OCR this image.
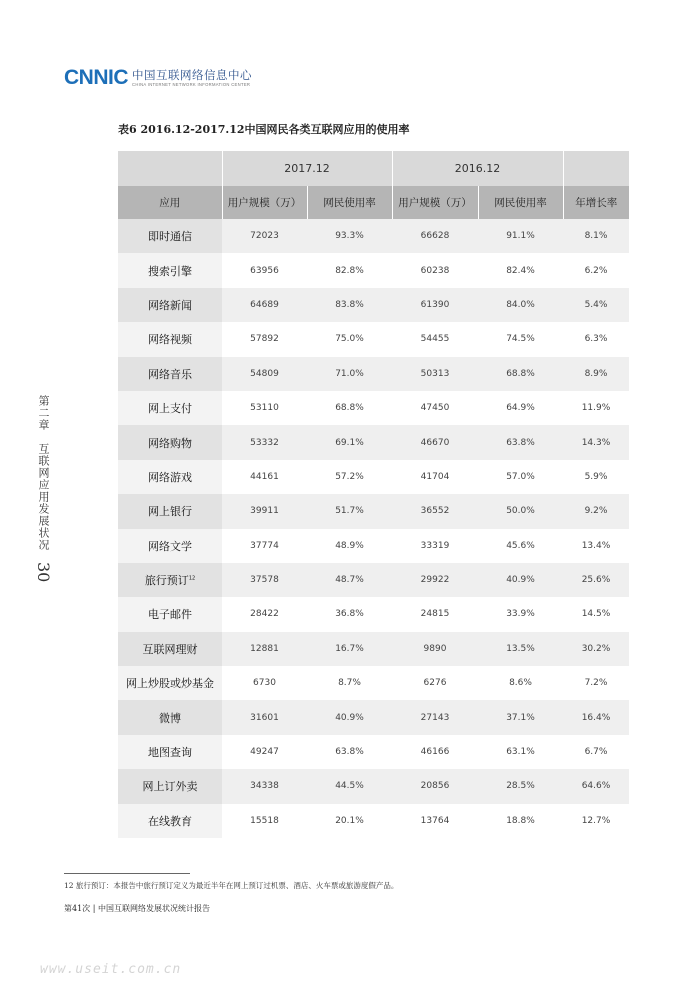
CNNIC 中国互联网络信息中心
CHINA INTERNET NETWORK INFORMATION CENTER
表6 2016.12-2017.12中国网民各类互联网应用的使用率
	2017.12		2016.12		
应用	用户规模（万）	网民使用率	用户规模（万）	网民使用率	年增长率
即时通信	72023	93.3%	66628	91.1%	8.1%
搜索引擎	63956	82.8%	60238	82.4%	6.2%
网络新闻	64689	83.8%	61390	84.0%	5.4%
网络视频	57892	75.0%	54455	74.5%	6.3%
网络音乐	54809	71.0%	50313	68.8%	8.9%
网上支付	53110	68.8%	47450	64.9%	11.9%
网络购物	53332	69.1%	46670	63.8%	14.3%
网络游戏	44161	57.2%	41704	57.0%	5.9%
网上银行	39911	51.7%	36552	50.0%	9.2%
网络文学	37774	48.9%	33319	45.6%	13.4%
旅行预订$^{12}$	37578	48.7%	29922	40.9%	25.6%
电子邮件	28422	36.8%	24815	33.9%	14.5%
互联网理财	12881	16.7%	9890	13.5%	30.2%
网上炒股或炒基金	6730	8.7%	6276	8.6%	7.2%
微博	31601	40.9%	27143	37.1%	16.4%
地图查询	49247	63.8%	46166	63.1%	6.7%
网上订外卖	34338	44.5%	20856	28.5%	64.6%
在线教育	15518	20.1%	13764	18.8%	12.7%
第二章　互联网应用发展状况
30
12 旅行预订：本报告中旅行预订定义为最近半年在网上预订过机票、酒店、火车票或旅游度假产品。
第41次 | 中国互联网络发展状况统计报告
www.useit.com.cn
